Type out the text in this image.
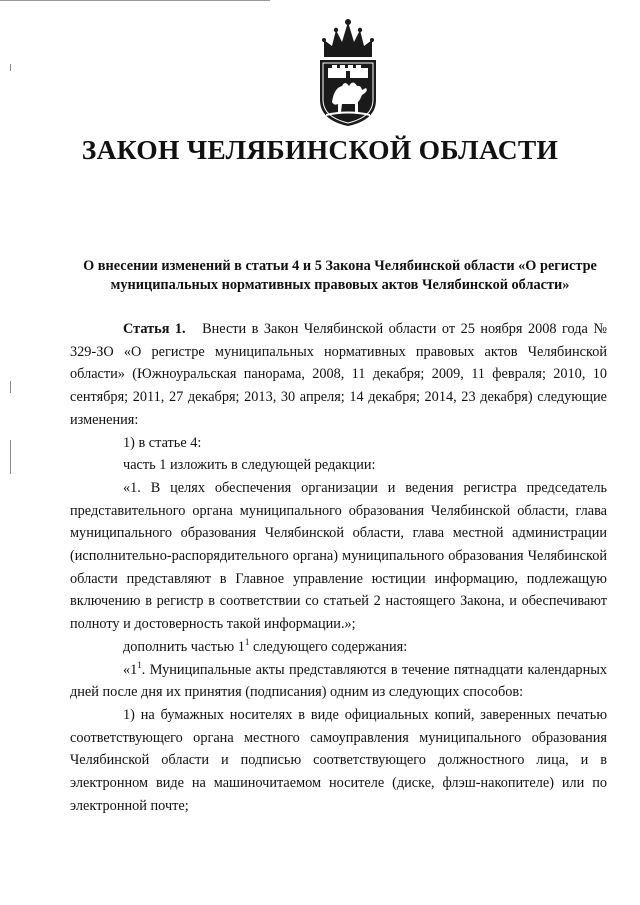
ЗАКОН ЧЕЛЯБИНСКОЙ ОБЛАСТИ
О внесении изменений в статьи 4 и 5 Закона Челябинской области «О регистре
муниципальных нормативных правовых актов Челябинской области»

Статья 1. Внести в Закон Челябинской области от 25 ноября 2008 года № 329-ЗО «О регистре муниципальных нормативных правовых актов Челябинской области» (Южноуральская панорама, 2008, 11 декабря; 2009, 11 февраля; 2010, 10 сентября; 2011, 27 декабря; 2013, 30 апреля; 14 декабря; 2014, 23 декабря) следующие изменения:

1) в статье 4:

часть 1 изложить в следующей редакции:

«1. В целях обеспечения организации и ведения регистра председатель представительного органа муниципального образования Челябинской области, глава муниципального образования Челябинской области, глава местной администрации (исполнительно-распорядительного органа) муниципального образования Челябинской области представляют в Главное управление юстиции информацию, подлежащую включению в регистр в соответствии со статьей 2 настоящего Закона, и обеспечивают полноту и достоверность такой информации.»;

дополнить частью $1^1$ следующего содержания:

«$1^1$. Муниципальные акты представляются в течение пятнадцати календарных дней после дня их принятия (подписания) одним из следующих способов:

1) на бумажных носителях в виде официальных копий, заверенных печатью соответствующего органа местного самоуправления муниципального образования Челябинской области и подписью соответствующего должностного лица, и в электронном виде на машиночитаемом носителе (диске, флэш-накопителе) или по электронной почте;
